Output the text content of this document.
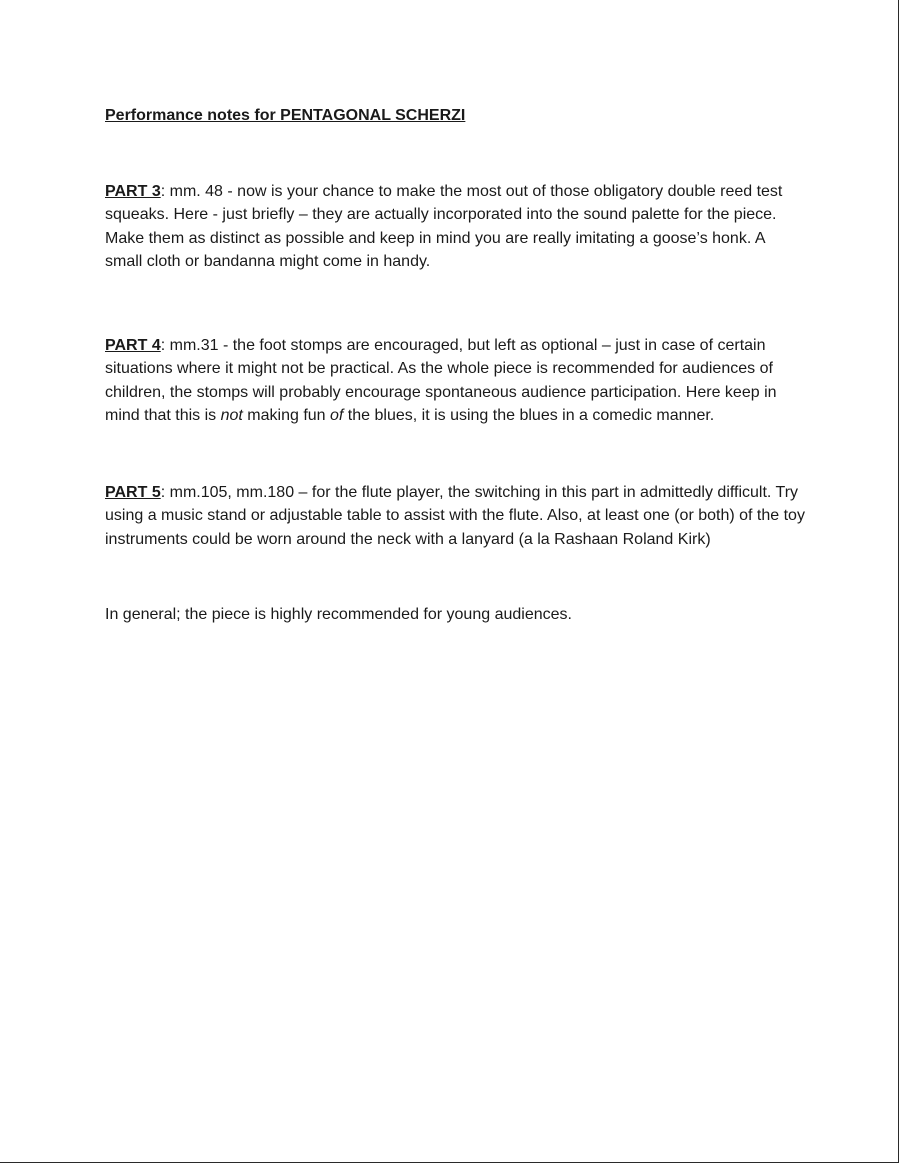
Performance notes for PENTAGONAL SCHERZI

PART 3: mm. 48 - now is your chance to make the most out of those obligatory double reed test squeaks. Here - just briefly – they are actually incorporated into the sound palette for the piece. Make them as distinct as possible and keep in mind you are really imitating a goose’s honk. A small cloth or bandanna might come in handy.

PART 4: mm.31 - the foot stomps are encouraged, but left as optional – just in case of certain situations where it might not be practical. As the whole piece is recommended for audiences of children, the stomps will probably encourage spontaneous audience participation. Here keep in mind that this is not making fun of the blues, it is using the blues in a comedic manner.

PART 5: mm.105, mm.180 – for the flute player, the switching in this part in admittedly difficult. Try using a music stand or adjustable table to assist with the flute. Also, at least one (or both) of the toy instruments could be worn around the neck with a lanyard (a la Rashaan Roland Kirk)

In general; the piece is highly recommended for young audiences.
